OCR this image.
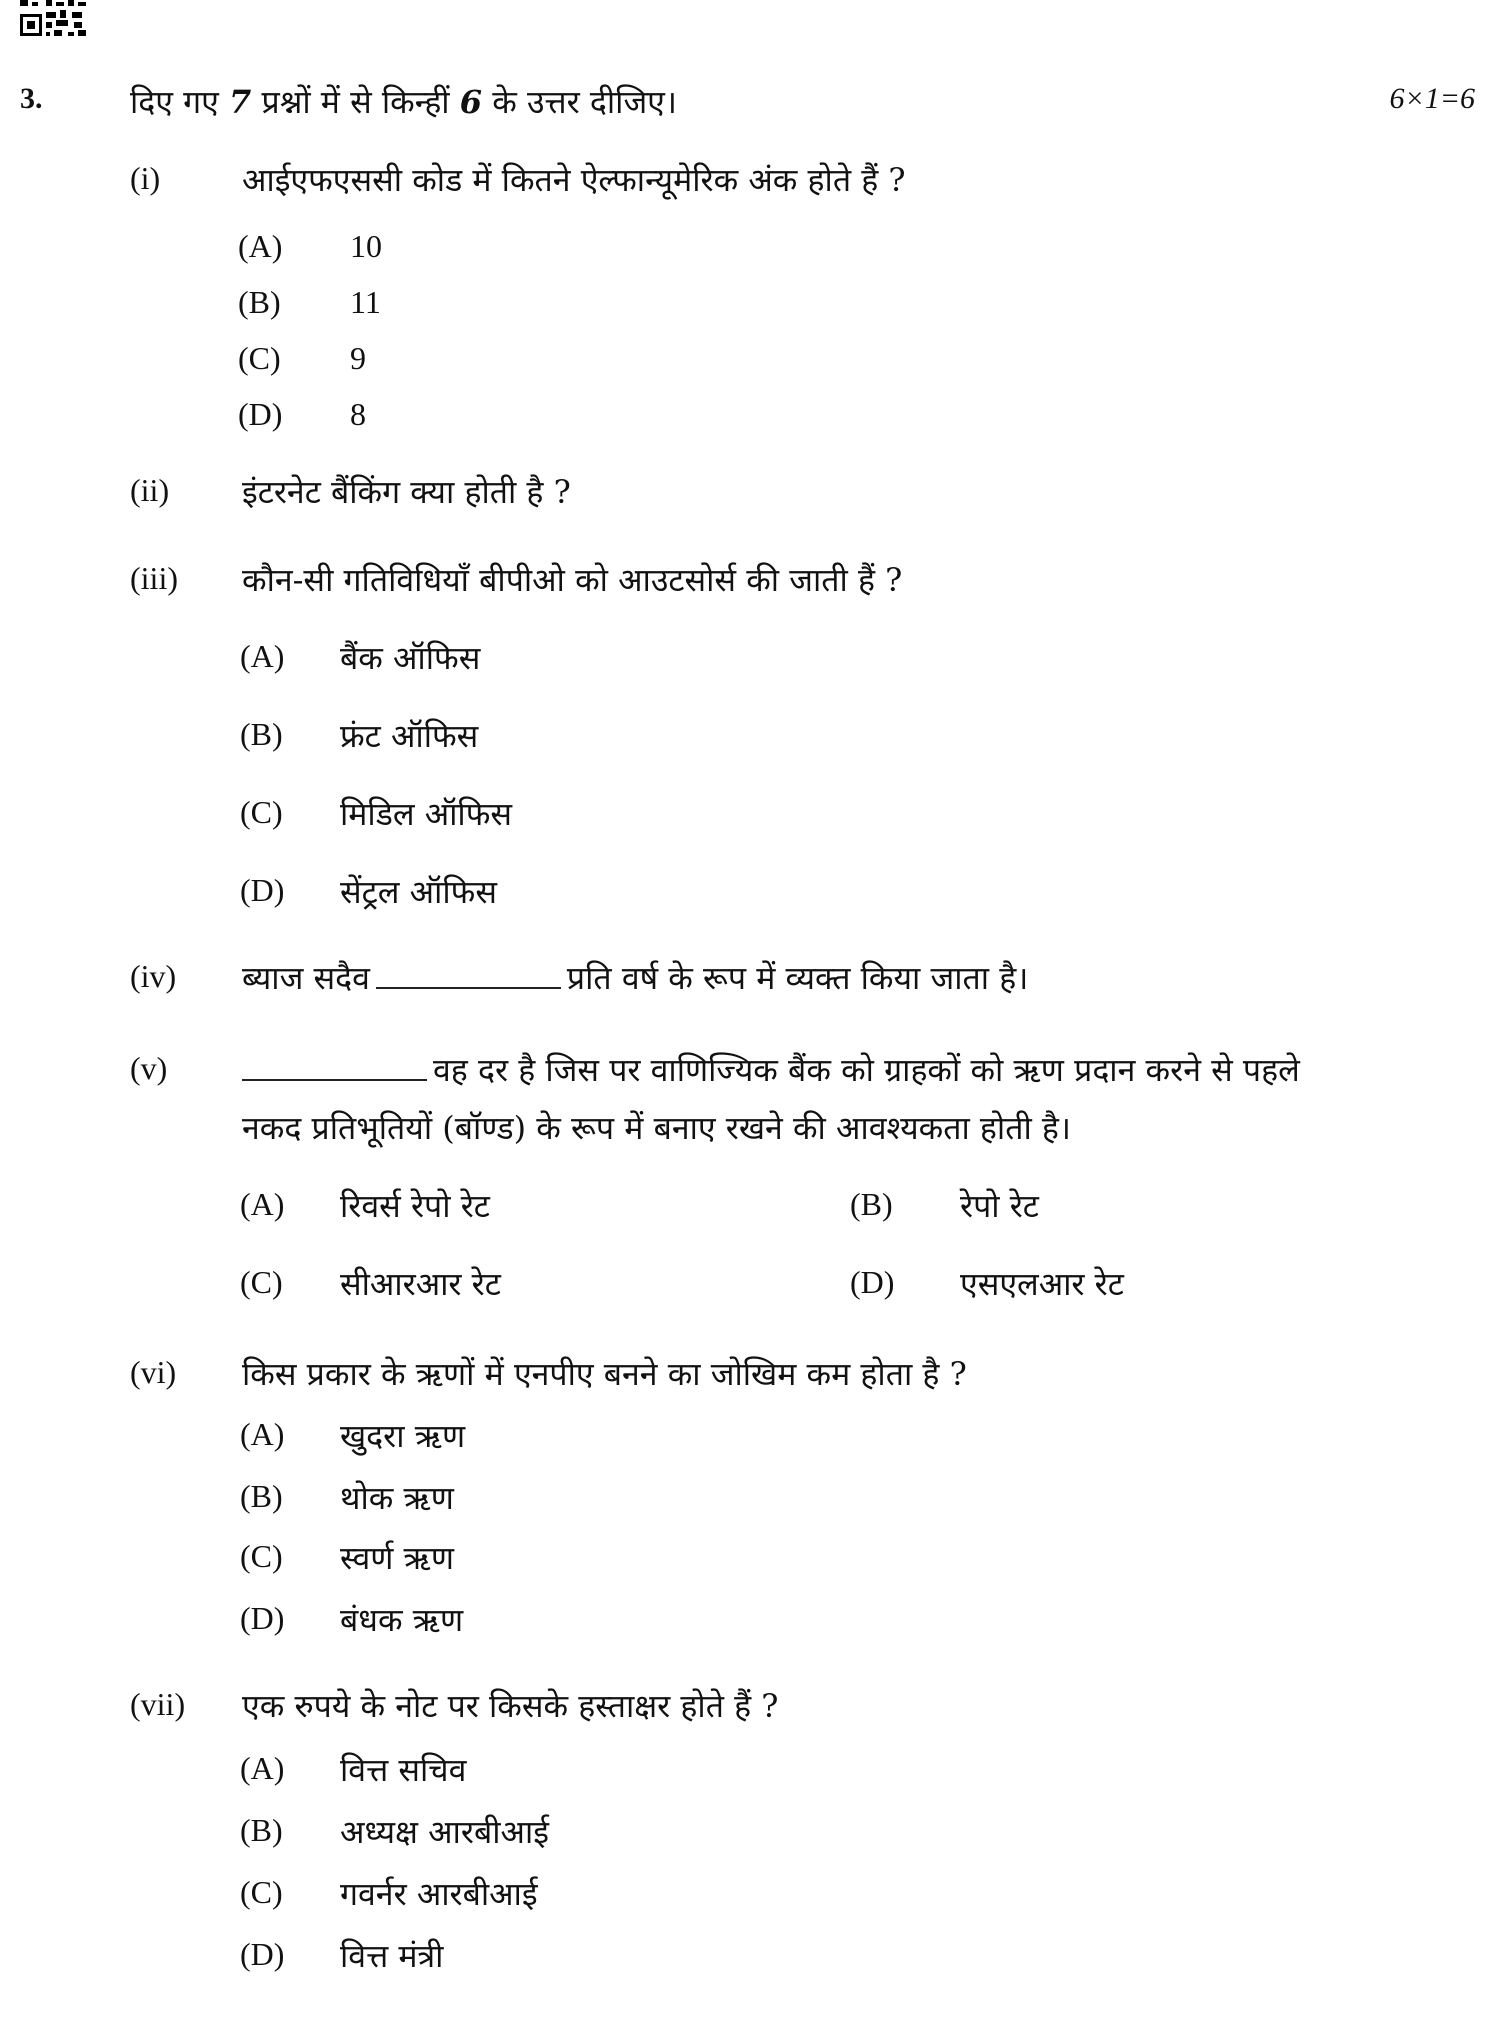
3.	दिए गए 7 प्रश्नों में से किन्हीं 6 के उत्तर दीजिए।	6×1=6
(i)	आईएफएससी कोड में कितने ऐल्फान्यूमेरिक अंक होते हैं ?
(A) 10
(B) 11
(C) 9
(D) 8
(ii) इंटरनेट बैंकिंग क्या होती है ?
(iii) कौन-सी गतिविधियाँ बीपीओ को आउटसोर्स की जाती हैं ?
(A) बैंक ऑफिस
(B) फ्रंट ऑफिस
(C) मिडिल ऑफिस
(D) सेंट्रल ऑफिस
(iv) ब्याज सदैव	प्रति वर्ष के रूप में व्यक्त किया जाता है।
(v)	वह दर है जिस पर वाणिज्यिक बैंक को ग्राहकों को ऋण प्रदान करने से पहले
नकद प्रतिभूतियों (बॉण्ड) के रूप में बनाए रखने की आवश्यकता होती है।
(A) रिवर्स रेपो रेट	(B) रेपो रेट
(C) सीआरआर रेट	(D) एसएलआर रेट
(vi) किस प्रकार के ऋणों में एनपीए बनने का जोखिम कम होता है ?
(A) खुदरा ऋण
(B) थोक ऋण
(C) स्वर्ण ऋण
(D) बंधक ऋण
(vii) एक रुपये के नोट पर किसके हस्ताक्षर होते हैं ?
(A) वित्त सचिव
(B) अध्यक्ष आरबीआई
(C) गवर्नर आरबीआई
(D) वित्त मंत्री
